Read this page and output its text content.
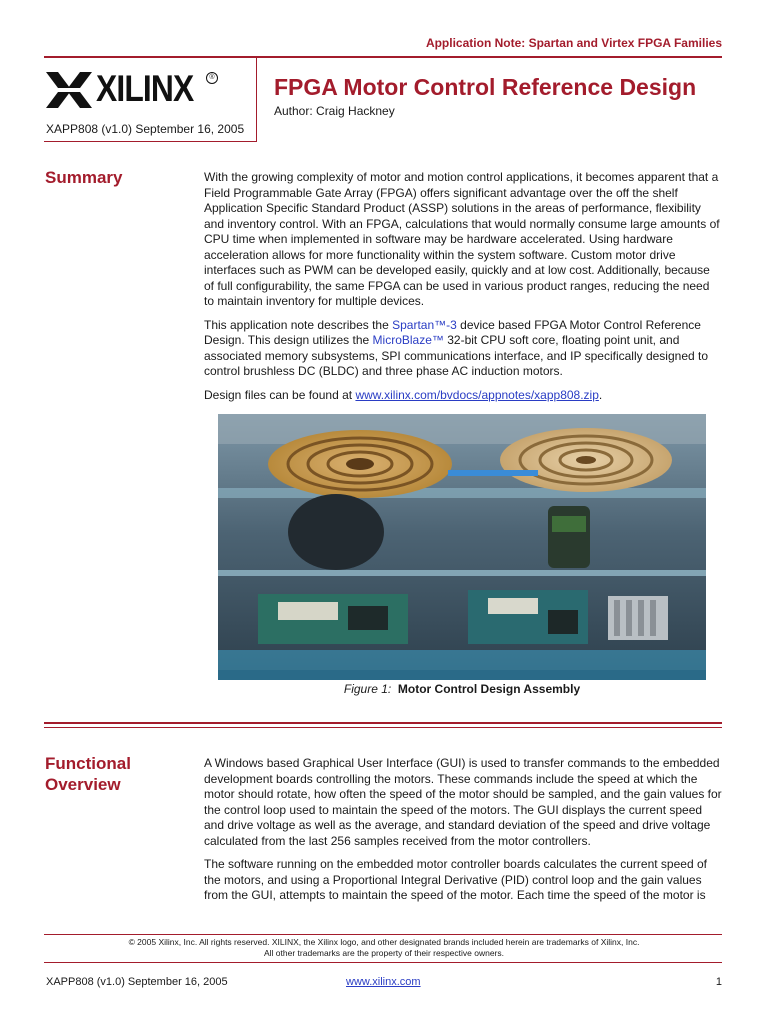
Application Note: Spartan and Virtex FPGA Families
XILINX	®
XAPP808 (v1.0) September 16, 2005
FPGA Motor Control Reference Design
Author: Craig Hackney
Summary	With the growing complexity of motor and motion control applications, it becomes apparent that a Field Programmable Gate Array (FPGA) offers significant advantage over the off the shelf Application Specific Standard Product (ASSP) solutions in the areas of performance, flexibility and inventory control. With an FPGA, calculations that would normally consume large amounts of CPU time when implemented in software may be hardware accelerated. Using hardware acceleration allows for more functionality within the system software. Custom motor drive interfaces such as PWM can be developed easily, quickly and at low cost. Additionally, because of full configurability, the same FPGA can be used in various product ranges, reducing the need to maintain inventory for multiple devices.

This application note describes the Spartan™-3 device based FPGA Motor Control Reference Design. This design utilizes the MicroBlaze™ 32-bit CPU soft core, floating point unit, and associated memory subsystems, SPI communications interface, and IP specifically designed to control brushless DC (BLDC) and three phase AC induction motors.

Design files can be found at www.xilinx.com/bvdocs/appnotes/xapp808.zip.

Figure 1: Motor Control Design Assembly
Functional
Overview

A Windows based Graphical User Interface (GUI) is used to transfer commands to the embedded development boards controlling the motors. These commands include the speed at which the motor should rotate, how often the speed of the motor should be sampled, and the gain values for the control loop used to maintain the speed of the motors. The GUI displays the current speed and drive voltage as well as the average, and standard deviation of the speed and drive voltage calculated from the last 256 samples received from the motor controllers.

The software running on the embedded motor controller boards calculates the current speed of the motors, and using a Proportional Integral Derivative (PID) control loop and the gain values from the GUI, attempts to maintain the speed of the motor. Each time the speed of the motor is

© 2005 Xilinx, Inc. All rights reserved. XILINX, the Xilinx logo, and other designated brands included herein are trademarks of Xilinx, Inc.
All other trademarks are the property of their respective owners.
XAPP808 (v1.0) September 16, 2005	www.xilinx.com	1
